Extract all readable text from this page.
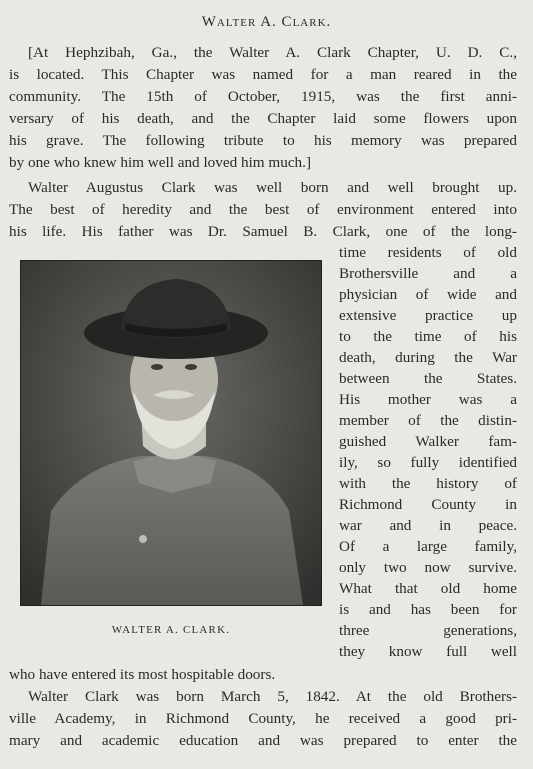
Walter A. Clark.
[At Hephzibah, Ga., the Walter A. Clark Chapter, U. D. C.,
is located. This Chapter was named for a man reared in the
community. The 15th of October, 1915, was the first anni-
versary of his death, and the Chapter laid some flowers upon
his grave. The following tribute to his memory was prepared
by one who knew him well and loved him much.]
Walter Augustus Clark was well born and well brought up.
The best of heredity and the best of environment entered into
his life. His father was Dr. Samuel B. Clark, one of the long-
WALTER A. CLARK.
time residents of old
Brothersville and a
physician of wide and
extensive practice up
to the time of his
death, during the War
between the States.
His mother was a
member of the distin-
guished Walker fam-
ily, so fully identified
with the history of
Richmond County in
war and in peace.
Of a large family,
only two now survive.
What that old home
is and has been for
three generations,
they know full well
who have entered its most hospitable doors.
Walter Clark was born March 5, 1842. At the old Brothers-
ville Academy, in Richmond County, he received a good pri-
mary and academic education and was prepared to enter the
